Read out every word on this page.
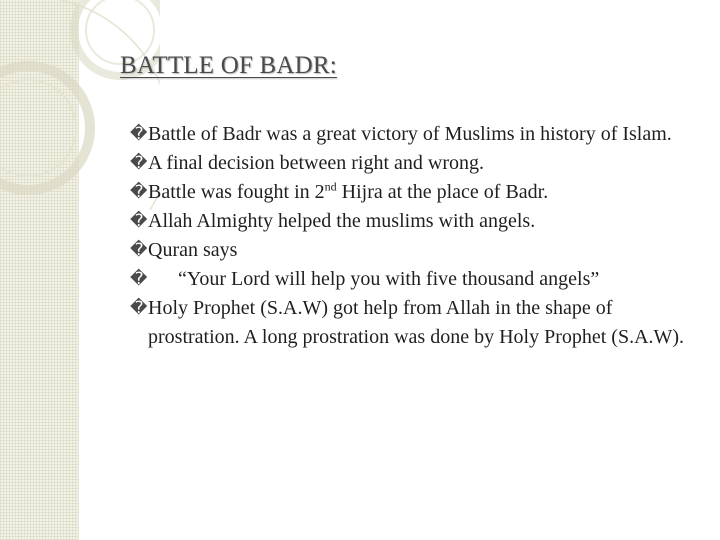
BATTLE OF BADR:
� Battle of Badr was a great victory of Muslims in history of Islam.
� A final decision between right and wrong.
� Battle was fought in 2nd Hijra at the place of Badr.
� Allah Almighty helped the muslims with angels.
� Quran says
� “Your Lord will help you with five thousand angels”
� Holy Prophet (S.A.W) got help from Allah in the shape of prostration. A long prostration was done by Holy Prophet (S.A.W).
